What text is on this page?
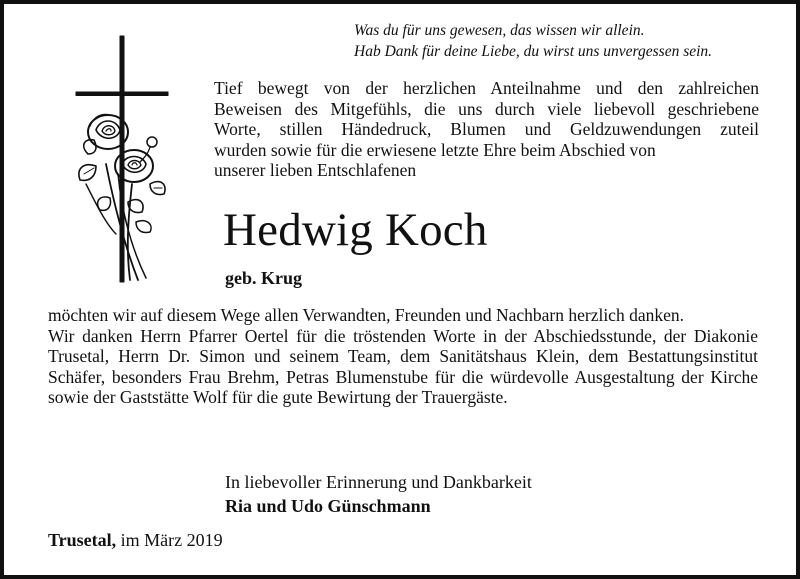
Was du für uns gewesen, das wissen wir allein.
Hab Dank für deine Liebe, du wirst uns unvergessen sein.
Tief bewegt von der herzlichen Anteilnahme und den zahlreichen
Beweisen des Mitgefühls, die uns durch viele liebevoll geschriebene
Worte, stillen Händedruck, Blumen und Geldzuwendungen zuteil
wurden sowie für die erwiesene letzte Ehre beim Abschied von
unserer lieben Entschlafenen
Hedwig Koch
geb. Krug

möchten wir auf diesem Wege allen Verwandten, Freunden und Nachbarn herzlich danken.

Wir danken Herrn Pfarrer Oertel für die tröstenden Worte in der Abschiedsstunde, der Diakonie Trusetal, Herrn Dr. Simon und seinem Team, dem Sanitätshaus Klein, dem Bestattungsinstitut Schäfer, besonders Frau Brehm, Petras Blumenstube für die würdevolle Ausgestaltung der Kirche sowie der Gaststätte Wolf für die gute Bewirtung der Trauergäste.

In liebevoller Erinnerung und Dankbarkeit
Ria und Udo Günschmann
Trusetal, im März 2019
